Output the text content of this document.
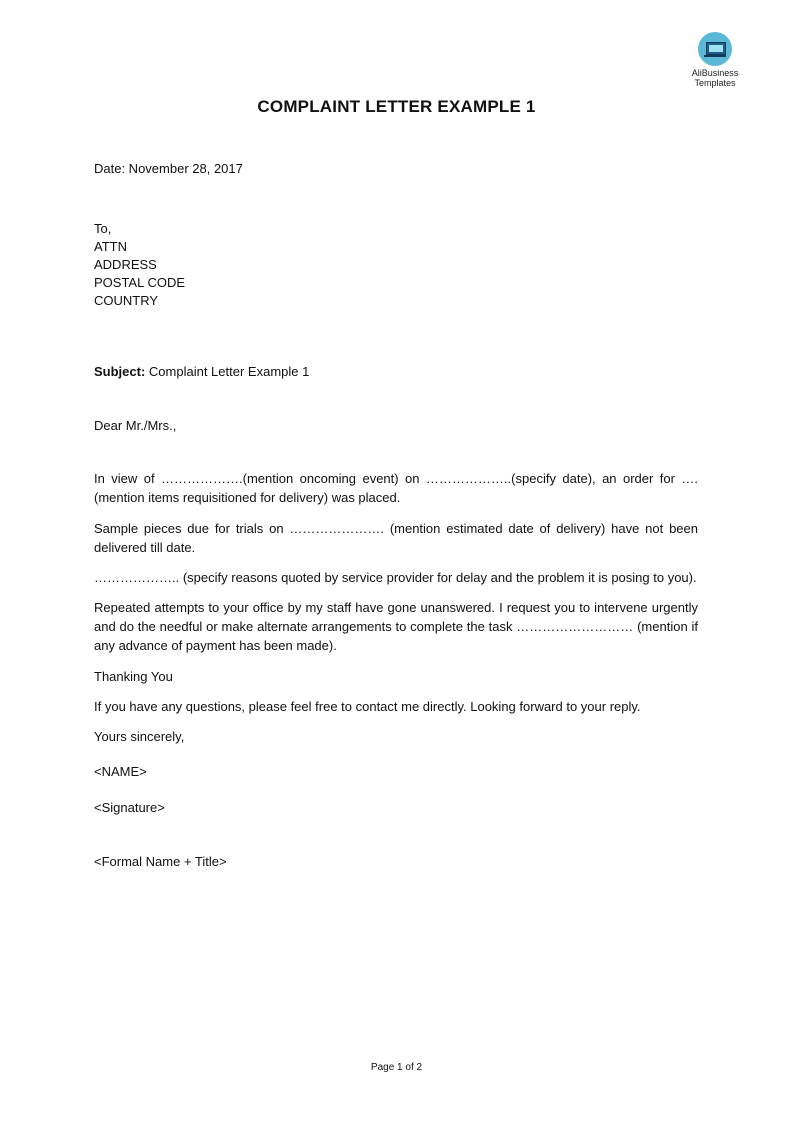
AliBusiness
Templates
COMPLAINT LETTER EXAMPLE 1
Date: November 28, 2017
To,
ATTN
ADDRESS
POSTAL CODE
COUNTRY
Subject: Complaint Letter Example 1
Dear Mr./Mrs.,
In view of ……………….(mention oncoming event) on ………………..(specify date), an order for …. (mention items requisitioned for delivery) was placed.
Sample pieces due for trials on …………………. (mention estimated date of delivery) have not been delivered till date.
……………….. (specify reasons quoted by service provider for delay and the problem it is posing to you).
Repeated attempts to your office by my staff have gone unanswered. I request you to intervene urgently and do the needful or make alternate arrangements to complete the task ……………………… (mention if any advance of payment has been made).
Thanking You
If you have any questions, please feel free to contact me directly. Looking forward to your reply.
Yours sincerely,
<NAME>
<Signature>
<Formal Name + Title>
Page 1 of 2
